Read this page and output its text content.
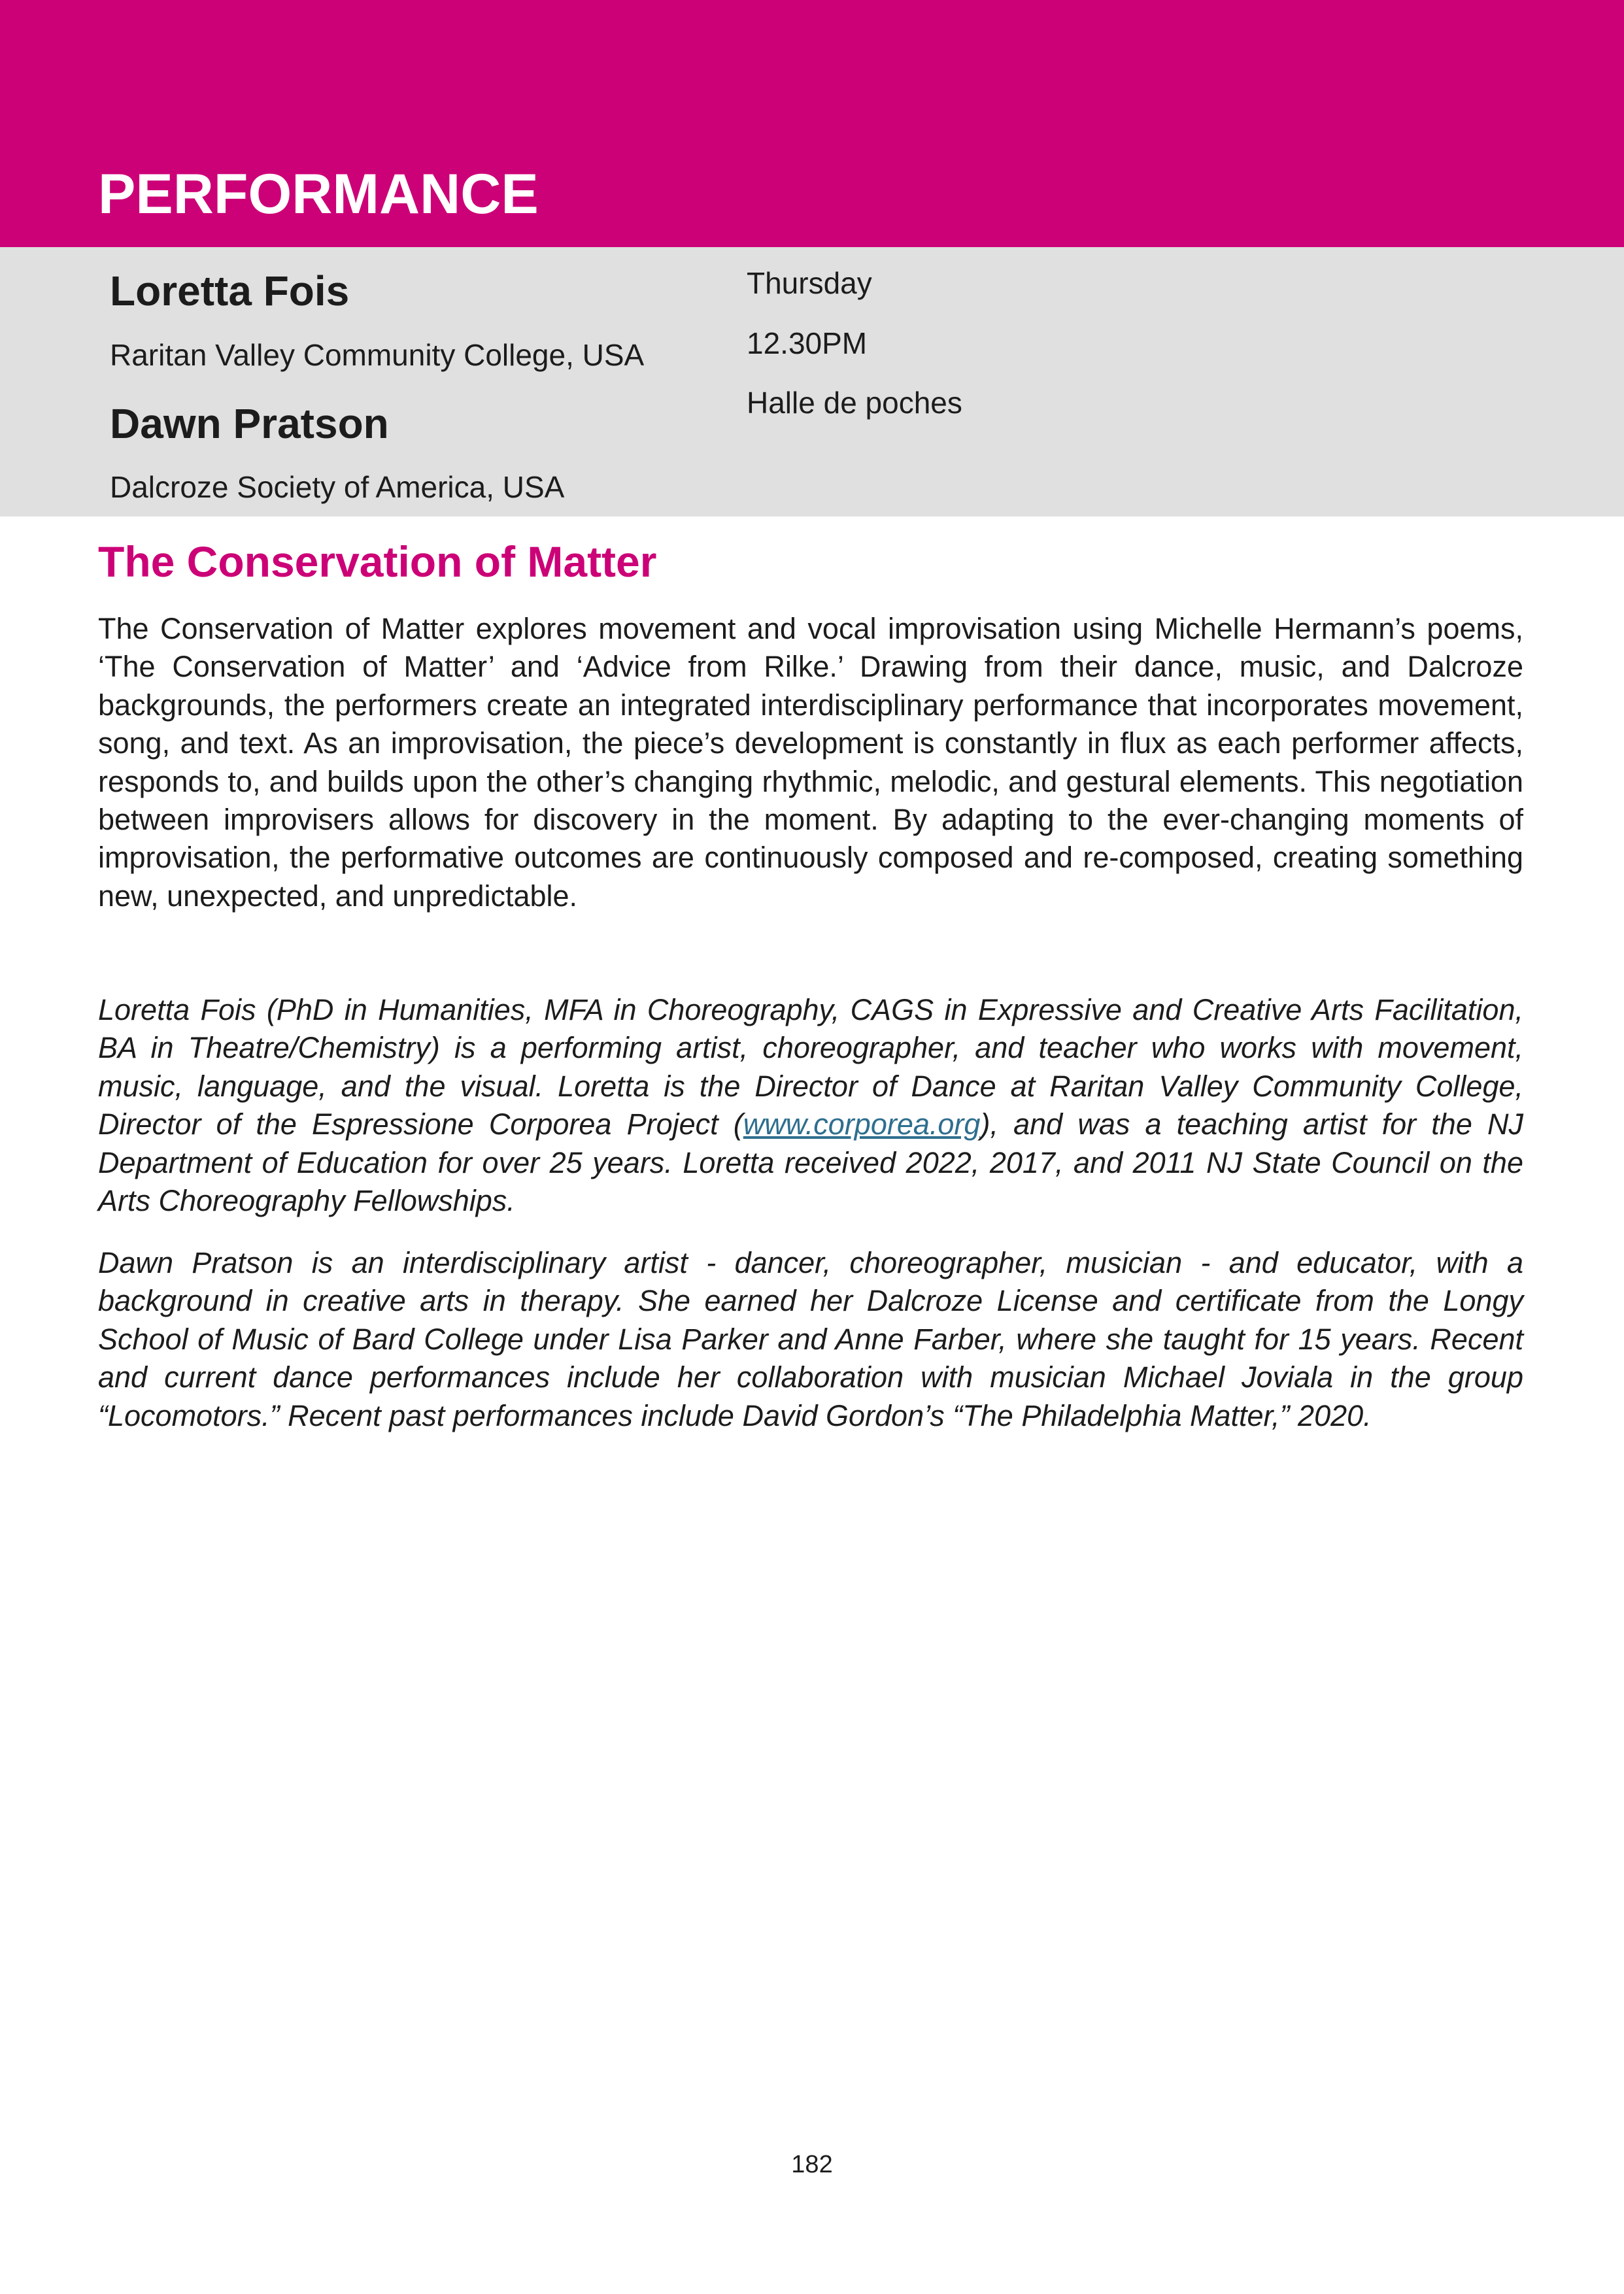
PERFORMANCE
Loretta Fois

Raritan Valley Community College, USA

Dawn Pratson

Dalcroze Society of America, USA

Thursday

12.30PM

Halle de poches

The Conservation of Matter

The Conservation of Matter explores movement and vocal improvisation using Michelle Hermann’s poems, ‘The Conservation of Matter’ and ‘Advice from Rilke.’ Drawing from their dance, music, and Dalcroze backgrounds, the performers create an integrated interdisciplinary performance that incorporates movement, song, and text. As an improvisation, the piece’s development is constantly in flux as each performer affects, responds to, and builds upon the other’s changing rhythmic, melodic, and gestural elements. This negotiation between improvisers allows for discovery in the moment. By adapting to the ever-changing moments of improvisation, the performative outcomes are continuously composed and re-composed, creating something new, unexpected, and unpredictable.

Loretta Fois (PhD in Humanities, MFA in Choreography, CAGS in Expressive and Creative Arts Facilitation, BA in Theatre/Chemistry) is a performing artist, choreographer, and teacher who works with movement, music, language, and the visual. Loretta is the Director of Dance at Raritan Valley Community College, Director of the Espressione Corporea Project (www.corporea.org), and was a teaching artist for the NJ Department of Education for over 25 years. Loretta received 2022, 2017, and 2011 NJ State Council on the Arts Choreography Fellowships.

Dawn Pratson is an interdisciplinary artist - dancer, choreographer, musician - and educator, with a background in creative arts in therapy. She earned her Dalcroze License and certificate from the Longy School of Music of Bard College under Lisa Parker and Anne Farber, where she taught for 15 years. Recent and current dance performances include her collaboration with musician Michael Joviala in the group “Locomotors.” Recent past performances include David Gordon’s “The Philadelphia Matter,” 2020.

182
